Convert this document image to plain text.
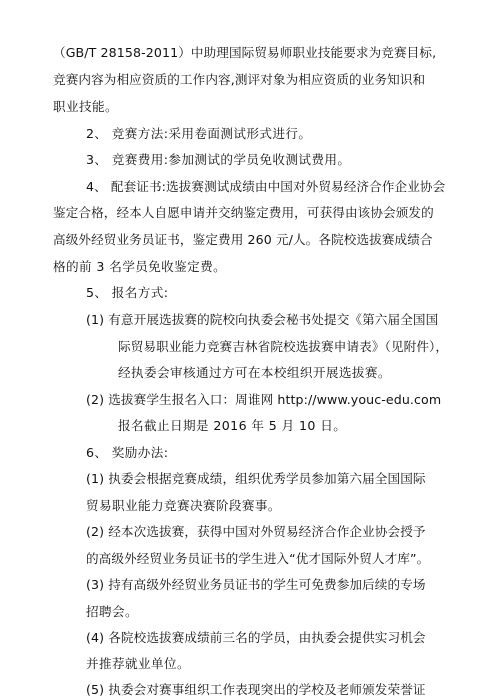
（GB/T 28158-2011）中助理国际贸易师职业技能要求为竞赛目标,
竞赛内容为相应资质的工作内容,测评对象为相应资质的业务知识和
职业技能。
2、 竞赛方法:采用卷面测试形式进行。
3、 竞赛费用:参加测试的学员免收测试费用。
4、 配套证书:选拔赛测试成绩由中国对外贸易经济合作企业协会
鉴定合格，经本人自愿申请并交纳鉴定费用，可获得由该协会颁发的
高级外经贸业务员证书，鉴定费用 260 元/人。各院校选拔赛成绩合
格的前 3 名学员免收鉴定费。
5、 报名方式:
(1) 有意开展选拔赛的院校向执委会秘书处提交《第六届全国国
际贸易职业能力竞赛吉林省院校选拔赛申请表》（见附件），
经执委会审核通过方可在本校组织开展选拔赛。
(2) 选拔赛学生报名入口：周谁网 http://www.youc-edu.com
报名截止日期是 2016 年 5 月 10 日。
6、 奖励办法:
(1) 执委会根据竞赛成绩，组织优秀学员参加第六届全国国际
贸易职业能力竞赛决赛阶段赛事。
(2) 经本次选拔赛，获得中国对外贸易经济合作企业协会授予
的高级外经贸业务员证书的学生进入“优才国际外贸人才库”。
(3) 持有高级外经贸业务员证书的学生可免费参加后续的专场
招聘会。
(4) 各院校选拔赛成绩前三名的学员，由执委会提供实习机会
并推荐就业单位。
(5) 执委会对赛事组织工作表现突出的学校及老师颁发荣誉证
